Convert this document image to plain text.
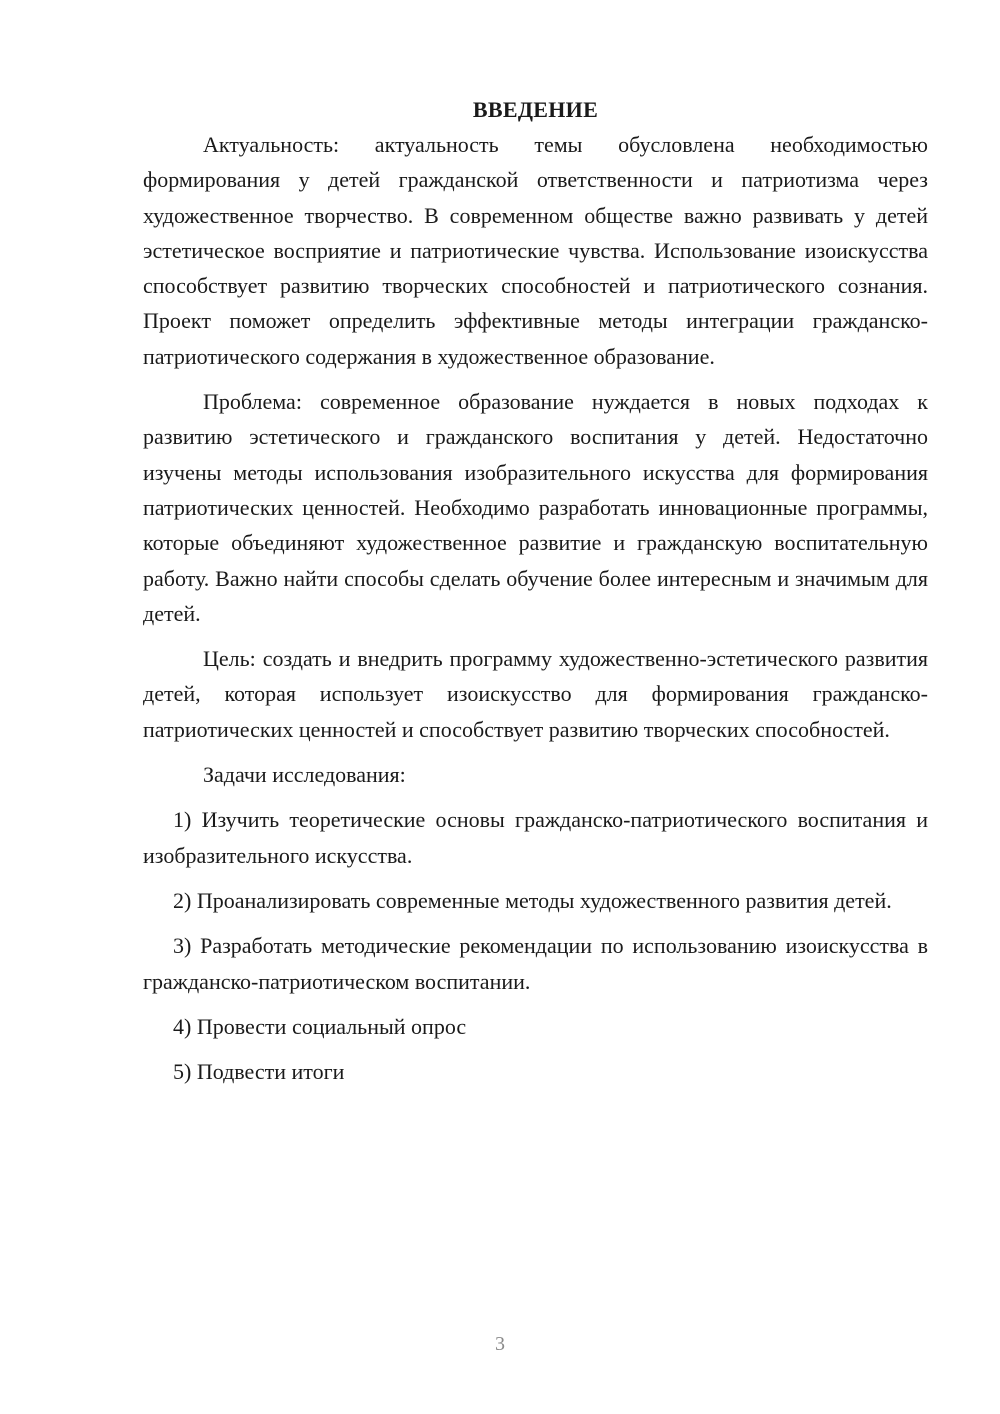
ВВЕДЕНИЕ

Актуальность: актуальность темы обусловлена необходимостью формирования у детей гражданской ответственности и патриотизма через художественное творчество. В современном обществе важно развивать у детей эстетическое восприятие и патриотические чувства. Использование изоискусства способствует развитию творческих способностей и патриотического сознания. Проект поможет определить эффективные методы интеграции гражданско-патриотического содержания в художественное образование.

Проблема: современное образование нуждается в новых подходах к развитию эстетического и гражданского воспитания у детей. Недостаточно изучены методы использования изобразительного искусства для формирования патриотических ценностей. Необходимо разработать инновационные программы, которые объединяют художественное развитие и гражданскую воспитательную работу. Важно найти способы сделать обучение более интересным и значимым для детей.

Цель: создать и внедрить программу художественно-эстетического развития детей, которая использует изоискусство для формирования гражданско-патриотических ценностей и способствует развитию творческих способностей.

Задачи исследования:

1) Изучить теоретические основы гражданско-патриотического воспитания и изобразительного искусства.

2) Проанализировать современные методы художественного развития детей.

3) Разработать методические рекомендации по использованию изоискусства в гражданско-патриотическом воспитании.

4) Провести социальный опрос

5) Подвести итоги

3
